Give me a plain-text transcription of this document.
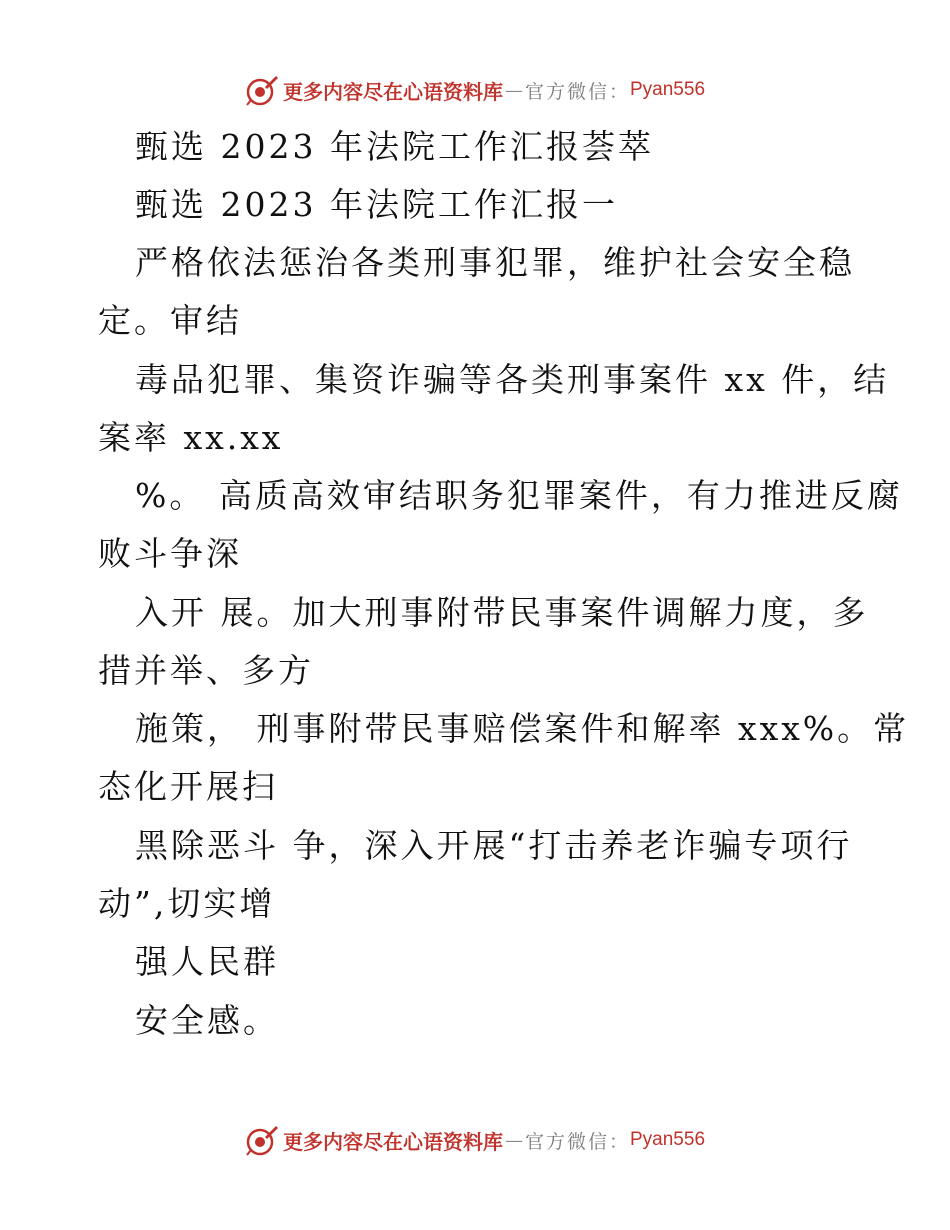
更多内容尽在心语资料库 — 官方微信： Pyan556
甄选 2023 年法院工作汇报荟萃
甄选 2023 年法院工作汇报一
严格依法惩治各类刑事犯罪，维护社会安全稳
定。审结
毒品犯罪、集资诈骗等各类刑事案件 xx 件，结
案率 xx.xx
%。 高质高效审结职务犯罪案件，有力推进反腐
败斗争深
入开 展。加大刑事附带民事案件调解力度，多
措并举、多方
施策， 刑事附带民事赔偿案件和解率 xxx%。常
态化开展扫
黑除恶斗 争，深入开展“打击养老诈骗专项行
动”,切实增
强人民群
安全感。
更多内容尽在心语资料库 — 官方微信： Pyan556
